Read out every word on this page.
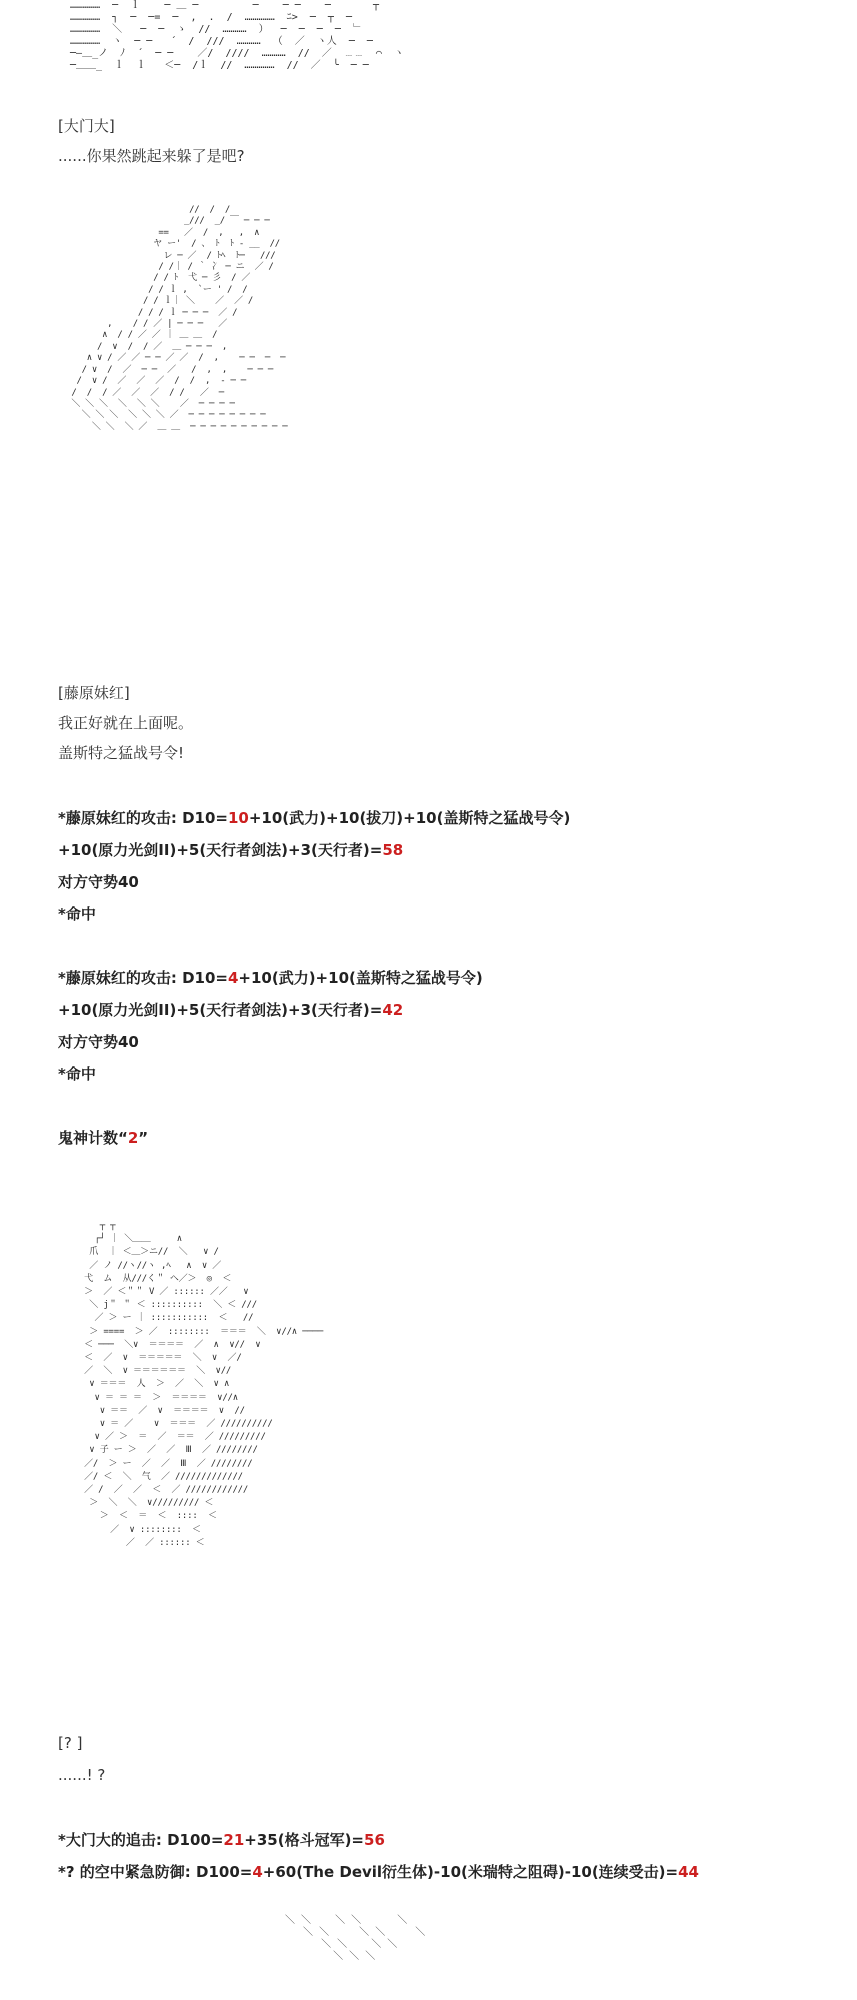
……………  ─  ｌ    ─ ＿ ─         ─    ─ ─    ─       ┬
……………  ┐  ─  ─=  ─  ,  .  /  ……………  ﾆ>  ─  ┬  ─
……………  ＼   ─  ─  ゝ  //  …………  ）  ─  ─  ─  ─  ﹂
……………  ヽ  ─ ─   ´  /  ///  …………  （  ／  ヽ人  ─  ─
─―＿_ノ  ﾉ  ´  ─ ─    ／/  ////  …………  //  ／  ﹍﹍  ⌒  ヽ
─＿＿_  ｌ  ｌ   ＜─  /ｌ  //  ……………  //  ／  ╰  ─ ─
[大门大]
......你果然跳起来躲了是吧?
//  /  /
_///  _/ ￣ ─ ─ ─
==   ／  /  ,   ,  ∧
ヤ ー'  / 、 ﾄ  ﾄ ‐ __  //
レ ─ ／  / ﾄﾍ  ﾄ─   ///
/ /｜ / ｀ 冫 ─ ニ  ／ /
/ / ﾄ  弋 ─ 彡  / ／
/ / ｌ ,  `ー ' /  /
/ / ｌ｜ ＼    ／  ／ /
/ / / ｌ ─ ─ ─  ／ /
,    / / ／ | ─ ─ ─   ／
∧  / / ／ ／ ｜ ＿ ＿  /
/  ∨  /  / ／  ＿ ─ ─ ─  ,
∧ ∨ / ／ ／ ─ ─ ／ ／  /  ,    ─ ─  ─  ─
/ ∨  /  ／  ─ ─  ／   /  ,  ,    ─ ─ ─
/  ∨ /  ／  ／  ／  /  /  ,  ‐ ─ ─
/  /  / ／  ／  ／  / /   ／  ─
＼ ＼ ＼  ＼  ＼ ＼    ／  ─ ─ ─ ─
＼ ＼ ＼  ＼ ＼ ＼ ／  ─ ─ ─ ─ ─ ─ ─ ─
＼ ＼  ＼ ／  ＿ ＿  ─ ─ ─ ─ ─ ─ ─ ─ ─ ─
[藤原妹红]
我正好就在上面呢。
盖斯特之猛战号令!
*藤原妹红的攻击: D10=10+10(武力)+10(拔刀)+10(盖斯特之猛战号令)
+10(原力光剑II)+5(天行者剑法)+3(天行者)=58
对方守势40
*命中
*藤原妹红的攻击: D10=4+10(武力)+10(盖斯特之猛战号令)
+10(原力光剑II)+5(天行者剑法)+3(天行者)=42
对方守势40
*命中
鬼神计数“2”
┬ ┬
┌┘ ｜ ＼＿＿     ∧
爪  ｜ ＜＿＞ニ//  ＼   ∨ /
／ ノ //ヽ//ヽ ,ﾍ   ∧  ∨ ／
弋  ム  从///く＂ ヘ／＞  ◎  ＜
＞  ／ ＜＂＂ V ／ :::::: ／／   ∨
＼ j＂ ＂ ＜ ::::::::::  ＼ ＜ ///
／ ＞ ー ｜ :::::::::::  ＜   //
＞ ====  ＞ ／  ::::::::  ＝＝＝  ＼  ∨//∧ ────
＜ ───  ＼∨  ＝＝＝＝  ／  ∧  ∨//  ∨
＜  ／  ∨  ＝＝＝＝＝  ＼  ∨  ／/
／  ＼  ∨ ＝＝＝＝＝＝  ＼  ∨//
∨ ＝＝＝  人  ＞  ／  ＼  ∨ ∧
∨ ＝ ＝ ＝  ＞  ＝＝＝＝  ∨//∧
∨ ＝＝  ／  ∨  ＝＝＝＝  ∨  //
∨ ＝ ／    ∨  ＝＝＝  ／ //////////
∨ ／ ＞  ＝  ／  ＝＝  ／ /////////
∨ 子 ー ＞  ／  ／  Ⅲ  ／ ////////
／/  ＞ ー  ／  ／  Ⅲ  ／ ////////
／/ ＜  ＼  气  ／ /////////////
／ /  ／  ／  ＜  ／ ////////////
＞  ＼  ＼  ∨///////// ＜
＞  ＜  ＝  ＜  ::::  ＜
／  ∨ ::::::::  ＜
／  ／ :::::: ＜
[? ]
......! ?
*大门大的追击: D100=21+35(格斗冠军)=56
*? 的空中紧急防御: D100=4+60(The Devil衍生体)-10(米瑞特之阻碍)-10(连续受击)=44
＼ ＼    ＼ ＼      ＼
＼ ＼     ＼ ＼     ＼
＼ ＼    ＼ ＼
＼ ＼ ＼
